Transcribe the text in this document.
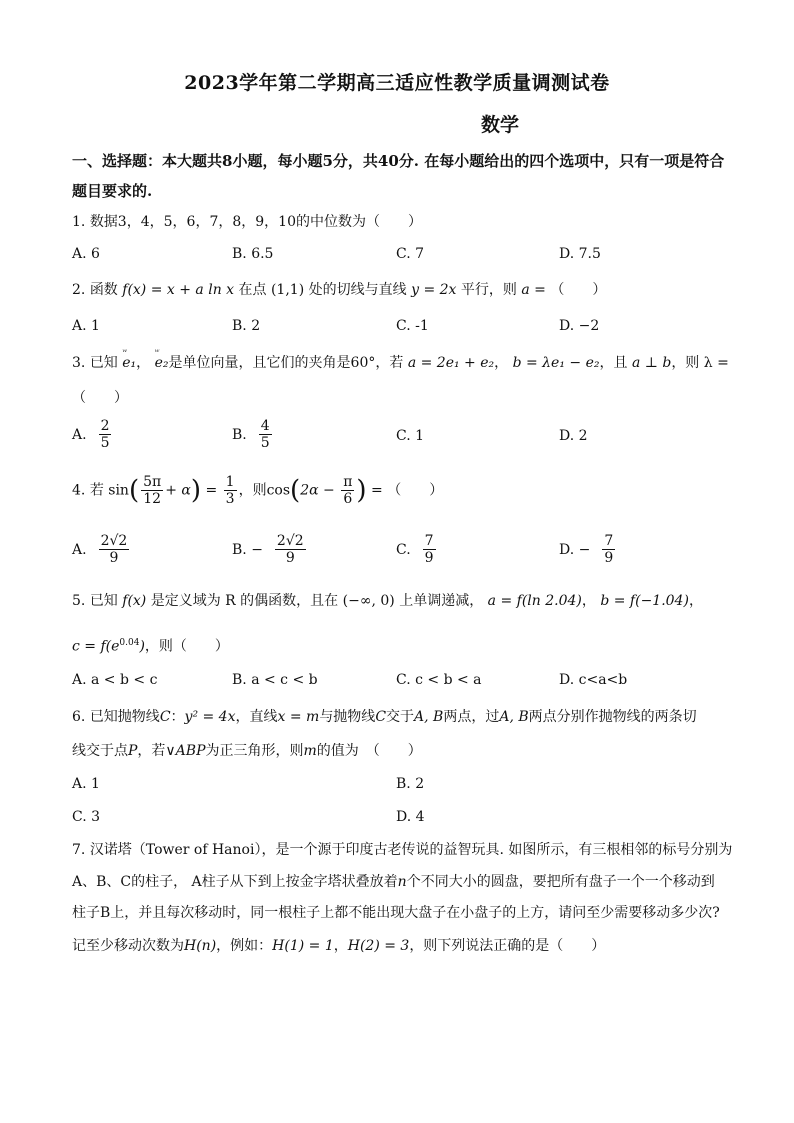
2023学年第二学期高三适应性教学质量调测试卷
数学
一、选择题：本大题共8小题，每小题5分，共40分. 在每小题给出的四个选项中，只有一项是符合题目要求的.
1. 数据3，4，5，6，7，8，9，10的中位数为（　　）
A. 6	B. 6.5	C. 7	D. 7.5
2. 函数 f(x) = x + a ln x 在点 (1,1) 处的切线与直线 y = 2x 平行，则 a = （　　）
A. 1	B. 2	C. -1	D. −2
3. 已知 ʷ e₁， ʷ e₂是单位向量，且它们的夹角是60°，若 a = 2e₁ + e₂， b = λe₁ − e₂，且 a ⊥ b，则 λ =
（　　）
A. $\frac{2}{5}$	B. $\frac{4}{5}$	C. 1	D. 2
4. 若 $\sin( \frac{5\pi}{12} + \alpha) = \frac{1}{3}$ ，则$\cos(2\alpha - \frac{\pi}{6}$ ) = （　　）
A. $\frac{2√2}{9}$	B. − $\frac{2√2}{9}$	C. $\frac{7}{9}$	D. − $\frac{7}{9}$
5. 已知 f(x) 是定义域为 R 的偶函数，且在 (−∞, 0) 上单调递减， a = f(ln 2.04)， b = f(−1.04)，
$c = f(e^{0.04})$，则（　　）
A. a < b < c	B. a < c < b	C. c < b < a	D. c<a<b
6. 已知抛物线C：y² = 4x，直线x = m与抛物线C交于A, B两点，过A, B两点分别作抛物线的两条切
线交于点P，若∨ABP为正三角形，则m的值为　（　　）
A. 1	B. 2
C. 3	D. 4
7. 汉诺塔（Tower of Hanoi），是一个源于印度古老传说的益智玩具. 如图所示，有三根相邻的标号分别为
A、B、C的柱子， A柱子从下到上按金字塔状叠放着n个不同大小的圆盘，要把所有盘子一个一个移动到
柱子B上，并且每次移动时，同一根柱子上都不能出现大盘子在小盘子的上方，请问至少需要移动多少次?
记至少移动次数为H(n)，例如：H(1) = 1，H(2) = 3，则下列说法正确的是（　　）
